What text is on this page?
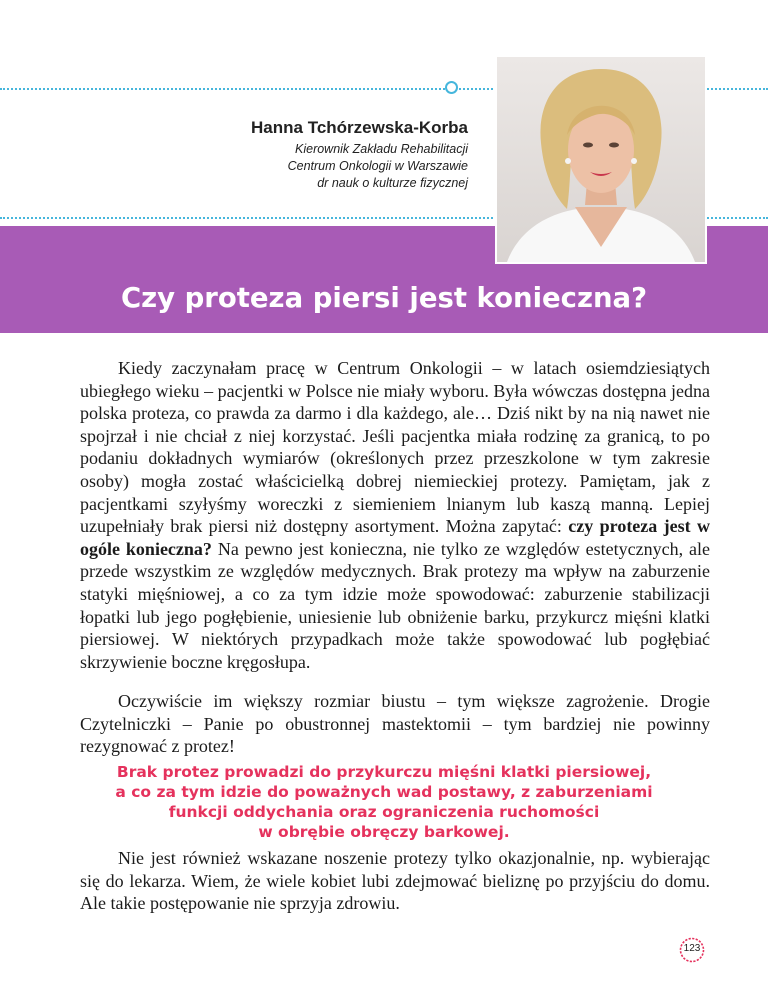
Hanna Tchórzewska-Korba
Kierownik Zakładu Rehabilitacji
Centrum Onkologii w Warszawie
dr nauk o kulturze fizycznej
Czy proteza piersi jest konieczna?

Kiedy zaczynałam pracę w Centrum Onkologii – w latach osiemdziesiątych ubiegłego wieku – pacjentki w Polsce nie miały wyboru. Była wówczas dostępna jedna polska proteza, co prawda za darmo i dla każdego, ale… Dziś nikt by na nią nawet nie spojrzał i nie chciał z niej korzystać. Jeśli pacjentka miała rodzinę za granicą, to po podaniu dokładnych wymiarów (określonych przez przeszkolone w tym zakresie osoby) mogła zostać właścicielką dobrej niemieckiej protezy. Pamiętam, jak z pacjentkami szyłyśmy woreczki z siemieniem lnianym lub kaszą manną. Lepiej uzupełniały brak piersi niż dostępny asortyment. Można zapytać: czy proteza jest w ogóle konieczna? Na pewno jest konieczna, nie tylko ze względów estetycznych, ale przede wszystkim ze względów medycznych. Brak protezy ma wpływ na zaburzenie statyki mięśniowej, a co za tym idzie może spowodować: zaburzenie stabilizacji łopatki lub jego pogłębienie, uniesienie lub obniżenie barku, przykurcz mięśni klatki piersiowej. W niektórych przypadkach może także spowodować lub pogłębiać skrzywienie boczne kręgosłupa.

Oczywiście im większy rozmiar biustu – tym większe zagrożenie. Drogie Czytelniczki – Panie po obustronnej mastektomii – tym bardziej nie powinny rezygnować z protez!

Brak protez prowadzi do przykurczu mięśni klatki piersiowej,
a co za tym idzie do poważnych wad postawy, z zaburzeniami
funkcji oddychania oraz ograniczenia ruchomości
w obrębie obręczy barkowej.

Nie jest również wskazane noszenie protezy tylko okazjonalnie, np. wybierając się do lekarza. Wiem, że wiele kobiet lubi zdejmować bieliznę po przyjściu do domu. Ale takie postępowanie nie sprzyja zdrowiu.

123
